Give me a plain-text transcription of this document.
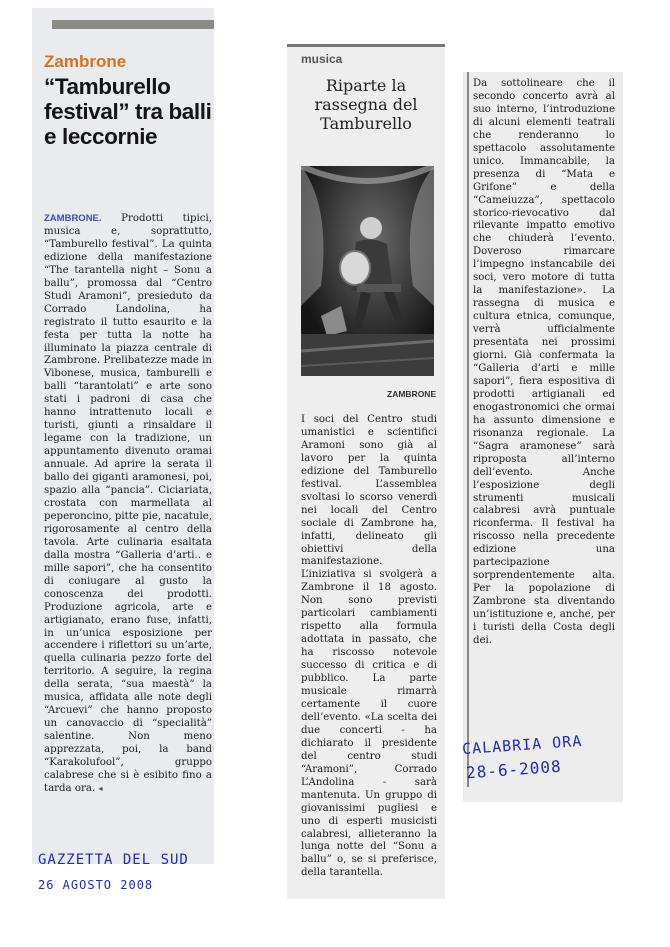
Zambrone
“Tamburello festival” tra balli e leccornie
ZAMBRONE. Prodotti tipici, musica e, soprattutto, “Tamburello festival”. La quinta edizione della manifestazione “The tarantella night – Sonu a ballu”, promossa dal “Centro Studi Aramoni”, presieduto da Corrado Landolina, ha registrato il tutto esaurito e la festa per tutta la notte ha illuminato la piazza centrale di Zambrone. Prelibatezze made in Vibonese, musica, tamburelli e balli “tarantolati” e arte sono stati i padroni di casa che hanno intrattenuto locali e turisti, giunti a rinsaldare il legame con la tradizione, un appuntamento divenuto oramai annuale. Ad aprire la serata il ballo dei giganti aramonesi, poi, spazio alla “pancia”. Ciciariata, crostata con marmellata al peperoncino, pitte pie, nacatule, rigorosamente al centro della tavola. Arte culinaria esaltata dalla mostra “Galleria d’arti.. e mille sapori”, che ha consentito di coniugare al gusto la conoscenza dei prodotti. Produzione agricola, arte e artigianato, erano fuse, infatti, in un’unica esposizione per accendere i riflettori su un’arte, quella culinaria pezzo forte del territorio. A seguire, la regina della serata, “sua maestà” la musica, affidata alle note degli “Arcuevi” che hanno proposto un canovaccio di “specialità” salentine. Non meno apprezzata, poi, la band “Karakolufool”, gruppo calabrese che si è esibito fino a tarda ora. ◂
musica
Riparte la rassegna del Tamburello
ZAMBRONE
I soci del Centro studi umanistici e scientifici Aramoni sono già al lavoro per la quinta edizione del Tamburello festival. L’assemblea svoltasi lo scorso venerdì nei locali del Centro sociale di Zambrone ha, infatti, delineato gli obiettivi della manifestazione. L’iniziativa si svolgerà a Zambrone il 18 agosto. Non sono previsti particolari cambiamenti rispetto alla formula adottata in passato, che ha riscosso notevole successo di critica e di pubblico. La parte musicale rimarrà certamente il cuore dell’evento. «La scelta dei due concerti - ha dichiarato il presidente del centro studi “Aramoni”, Corrado L’Andolina - sarà mantenuta. Un gruppo di giovanissimi pugliesi e uno di esperti musicisti calabresi, allieteranno la lunga notte del “Sonu a ballu” o, se si preferisce, della tarantella.
Da sottolineare che il secondo concerto avrà al suo interno, l’introduzione di alcuni elementi teatrali che renderanno lo spettacolo assolutamente unico. Immancabile, la presenza di “Mata e Grifone” e della “Cameiuzza”, spettacolo storico-rievocativo dal rilevante impatto emotivo che chiuderà l’evento. Doveroso rimarcare l’impegno instancabile dei soci, vero motore di tutta la manifestazione». La rassegna di musica e cultura etnica, comunque, verrà ufficialmente presentata nei prossimi giorni. Già confermata la “Galleria d’arti e mille sapori”, fiera espositiva di prodotti artigianali ed enogastronomici che ormai ha assunto dimensione e risonanza regionale. La “Sagra aramonese” sarà riproposta all’interno dell’evento. Anche l’esposizione degli strumenti musicali calabresi avrà puntuale riconferma. Il festival ha riscosso nella precedente edizione una partecipazione sorprendentemente alta. Per la popolazione di Zambrone sta diventando un’istituzione e, anche, per i turisti della Costa degli dei.
GAZZETTA DEL SUD
26 AGOSTO 2008
CALABRIA ORA
28-6-2008
